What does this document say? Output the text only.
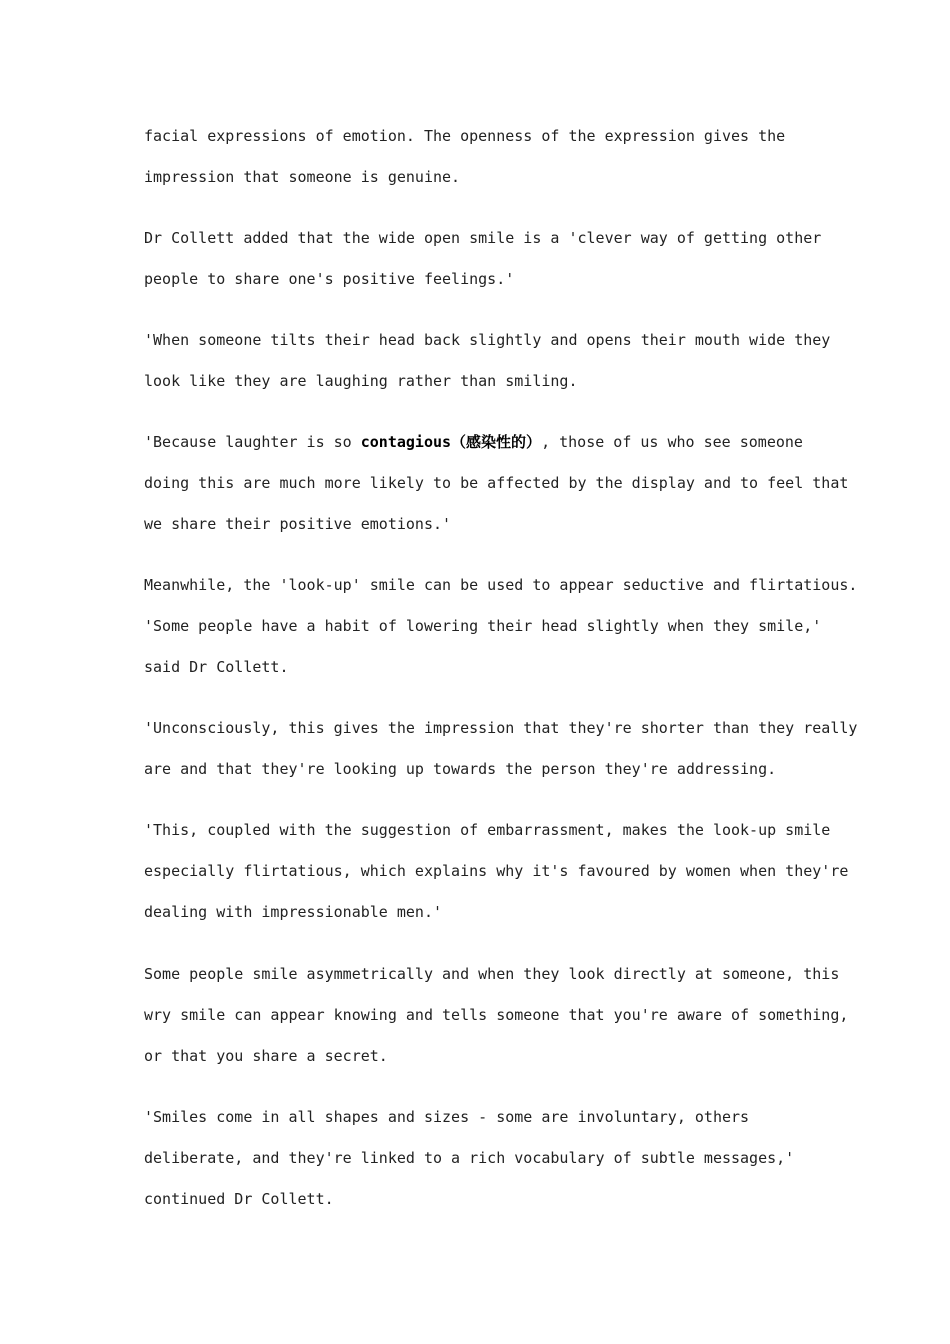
facial expressions of emotion. The openness of the expression gives the
impression that someone is genuine.
Dr Collett added that the wide open smile is a 'clever way of getting other
people to share one's positive feelings.'
'When someone tilts their head back slightly and opens their mouth wide they
look like they are laughing rather than smiling.
'Because laughter is so contagious（感染性的）, those of us who see someone
doing this are much more likely to be affected by the display and to feel that
we share their positive emotions.'
Meanwhile, the 'look-up' smile can be used to appear seductive and flirtatious.
'Some people have a habit of lowering their head slightly when they smile,'
said Dr Collett.
'Unconsciously, this gives the impression that they're shorter than they really
are and that they're looking up towards the person they're addressing.
'This, coupled with the suggestion of embarrassment, makes the look-up smile
especially flirtatious, which explains why it's favoured by women when they're
dealing with impressionable men.'
Some people smile asymmetrically and when they look directly at someone, this
wry smile can appear knowing and tells someone that you're aware of something,
or that you share a secret.
'Smiles come in all shapes and sizes - some are involuntary, others
deliberate, and they're linked to a rich vocabulary of subtle messages,'
continued Dr Collett.
